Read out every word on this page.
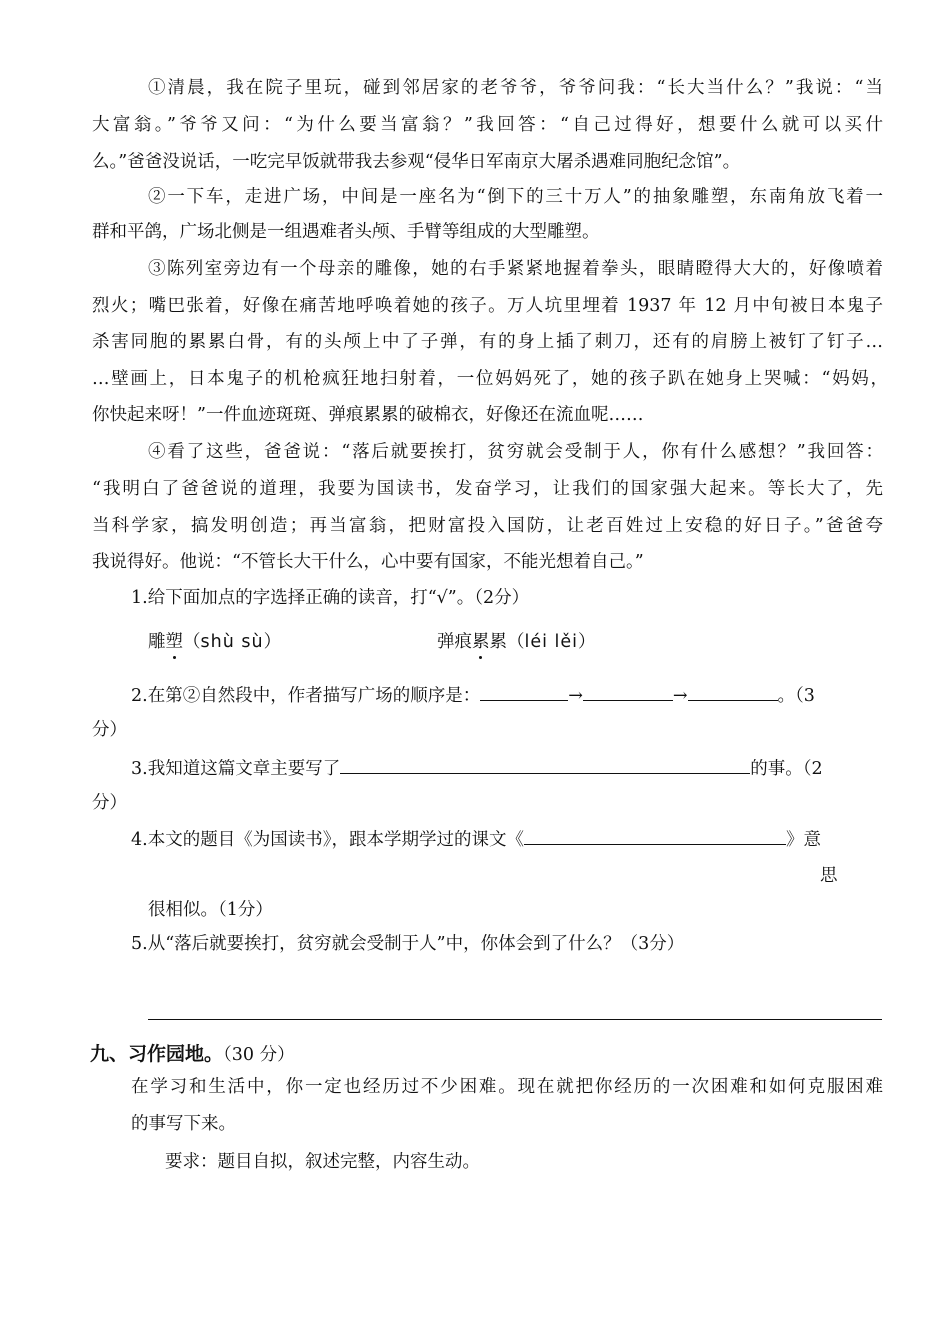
①清晨，我在院子里玩，碰到邻居家的老爷爷，爷爷问我：“长大当什么？”我说：“当
大富翁。”爷爷又问：“为什么要当富翁？”我回答：“自己过得好，想要什么就可以买什
么。”爸爸没说话，一吃完早饭就带我去参观“侵华日军南京大屠杀遇难同胞纪念馆”。
②一下车，走进广场，中间是一座名为“倒下的三十万人”的抽象雕塑，东南角放飞着一
群和平鸽，广场北侧是一组遇难者头颅、手臂等组成的大型雕塑。
③陈列室旁边有一个母亲的雕像，她的右手紧紧地握着拳头，眼睛瞪得大大的，好像喷着
烈火；嘴巴张着，好像在痛苦地呼唤着她的孩子。万人坑里埋着 1937 年 12 月中旬被日本鬼子
杀害同胞的累累白骨，有的头颅上中了子弹，有的身上插了刺刀，还有的肩膀上被钉了钉子…
…壁画上，日本鬼子的机枪疯狂地扫射着，一位妈妈死了，她的孩子趴在她身上哭喊：“妈妈，
你快起来呀！”一件血迹斑斑、弹痕累累的破棉衣，好像还在流血呢……
④看了这些，爸爸说：“落后就要挨打，贫穷就会受制于人，你有什么感想？”我回答：
“我明白了爸爸说的道理，我要为国读书，发奋学习，让我们的国家强大起来。等长大了，先
当科学家，搞发明创造；再当富翁，把财富投入国防，让老百姓过上安稳的好日子。”爸爸夸
我说得好。他说：“不管长大干什么，心中要有国家，不能光想着自己。”
1.给下面加点的字选择正确的读音，打“√”。（2分）
雕塑（shù sù）	弹痕累累（léi lěi）
2.在第②自然段中，作者描写广场的顺序是：	→	→	。（3
分）
3.我知道这篇文章主要写了	的事。（2
分）
4.本文的题目《为国读书》，跟本学期学过的课文《	》意
思
很相似。（1分）
5.从“落后就要挨打，贫穷就会受制于人”中，你体会到了什么？（3分）
九、习作园地。（30 分）
在学习和生活中，你一定也经历过不少困难。现在就把你经历的一次困难和如何克服困难
的事写下来。
要求：题目自拟，叙述完整，内容生动。
